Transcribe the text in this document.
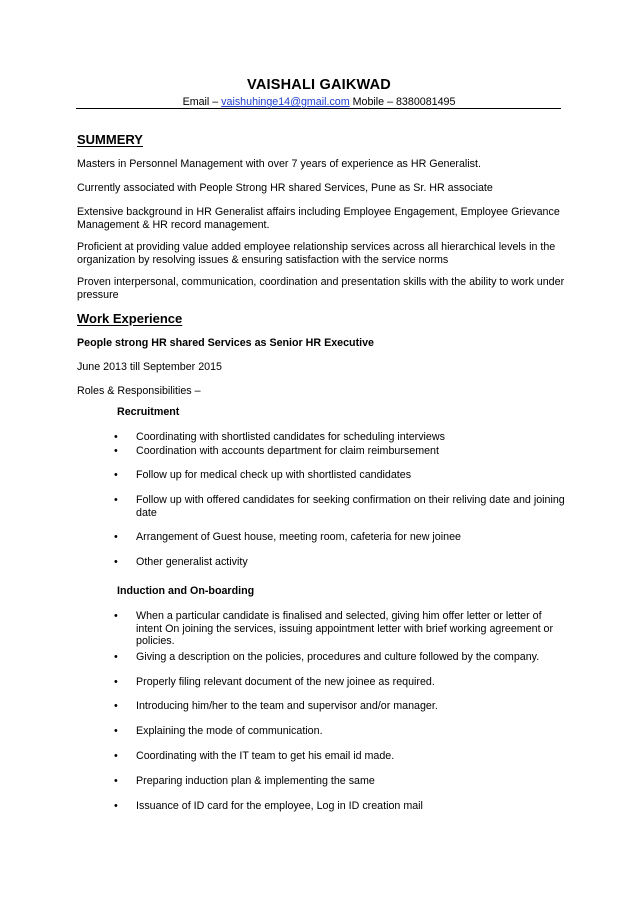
VAISHALI GAIKWAD
Email – vaishuhinge14@gmail.com Mobile – 8380081495
SUMMERY
Masters in Personnel Management with over 7 years of experience as HR Generalist.
Currently associated with People Strong HR shared Services, Pune as Sr. HR associate
Extensive background in HR Generalist affairs including Employee Engagement, Employee Grievance Management & HR record management.
Proficient at providing value added employee relationship services across all hierarchical levels in the organization by resolving issues & ensuring satisfaction with the service norms
Proven interpersonal, communication, coordination and presentation skills with the ability to work under pressure
Work Experience
People strong HR shared Services as Senior HR Executive
June 2013 till September 2015
Roles & Responsibilities –
Recruitment
• Coordinating with shortlisted candidates for scheduling interviews
• Coordination with accounts department for claim reimbursement
• Follow up for medical check up with shortlisted candidates
• Follow up with offered candidates for seeking confirmation on their reliving date and joining date
• Arrangement of Guest house, meeting room, cafeteria for new joinee
• Other generalist activity
Induction and On-boarding
• When a particular candidate is finalised and selected, giving him offer letter or letter of intent On joining the services, issuing appointment letter with brief working agreement or policies.
• Giving a description on the policies, procedures and culture followed by the company.
• Properly filing relevant document of the new joinee as required.
• Introducing him/her to the team and supervisor and/or manager.
• Explaining the mode of communication.
• Coordinating with the IT team to get his email id made.
• Preparing induction plan & implementing the same
• Issuance of ID card for the employee, Log in ID creation mail
